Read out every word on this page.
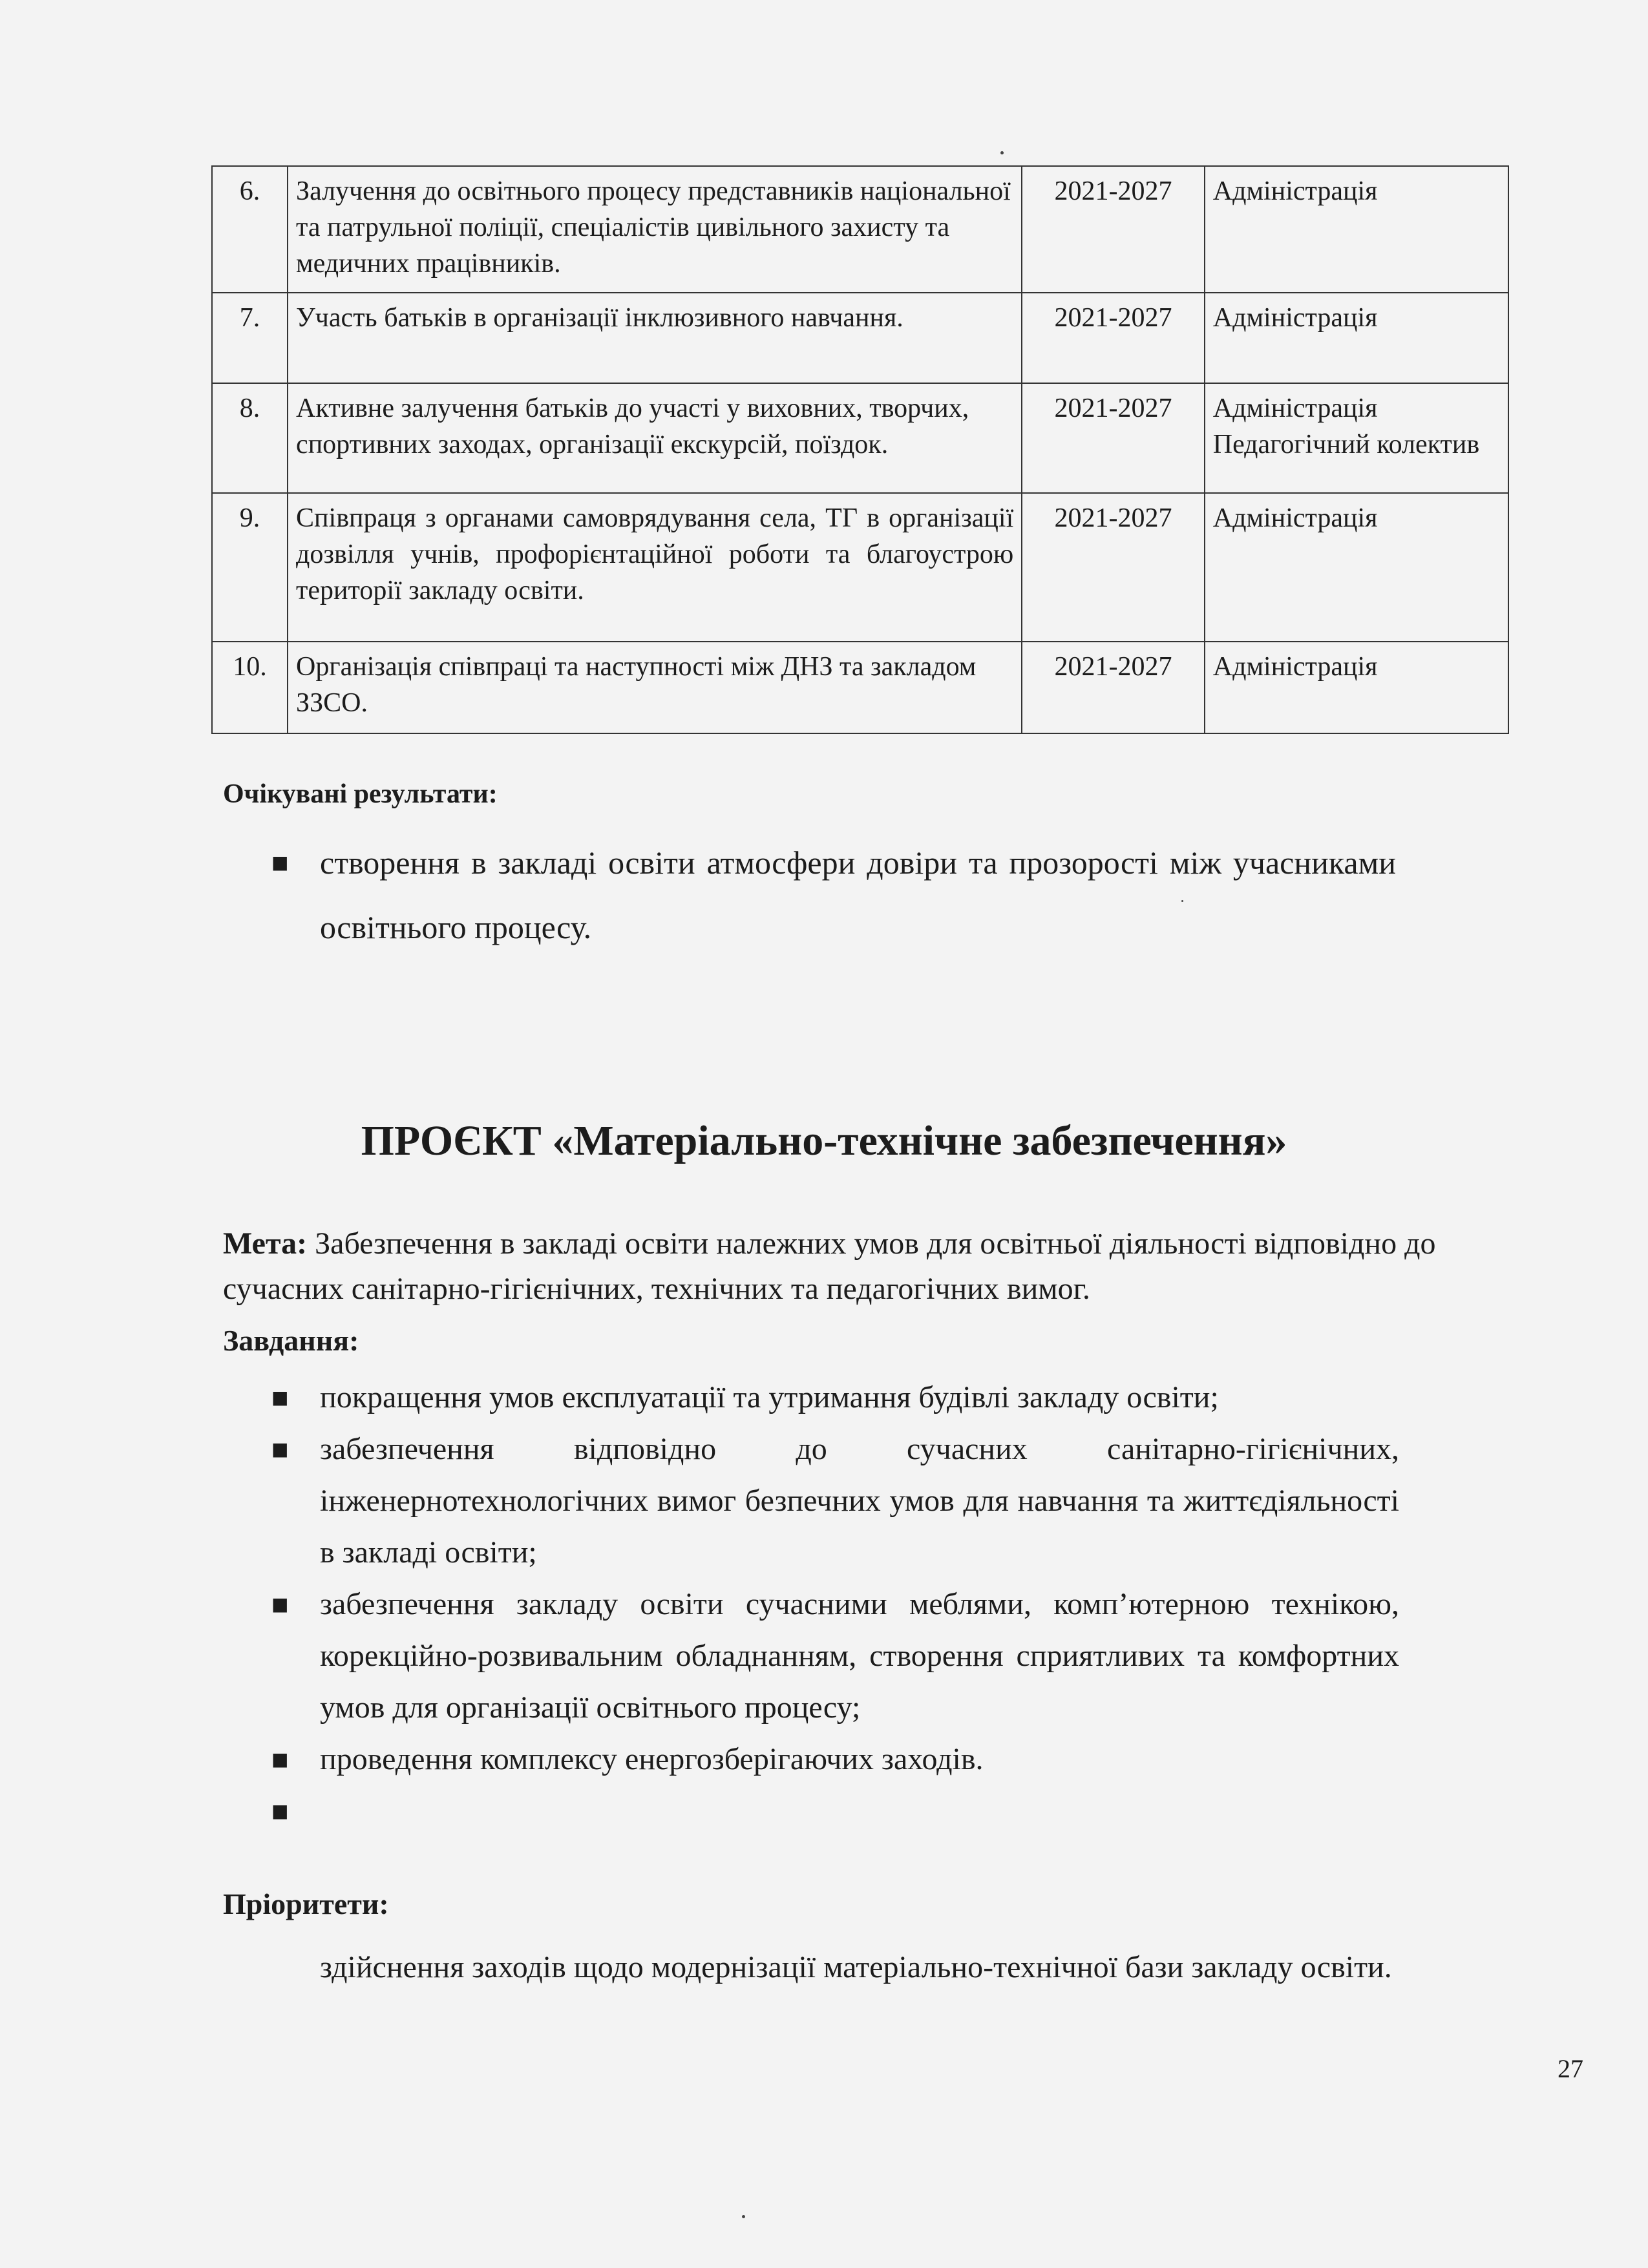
6.	Залучення до освітнього процесу представників національної та патрульної поліції, спеціалістів цивільного захисту та медичних працівників.	2021-2027	Адміністрація
7.	Участь батьків в організації інклюзивного навчання.	2021-2027	Адміністрація
8.	Активне залучення батьків до участі у виховних, творчих, спортивних заходах, організації екскурсій, поїздок.	2021-2027	Адміністрація Педагогічний колектив
9.	Співпраця з органами самоврядування села, ТГ в організації дозвілля учнів, профорієнтаційної роботи та благоустрою території закладу освіти.	2021-2027	Адміністрація
10.	Організація співпраці та наступності між ДНЗ та закладом ЗЗСО.	2021-2027	Адміністрація
Очікувані результати:
■ створення в закладі освіти атмосфери довіри та прозорості між учасниками освітнього процесу.
ПРОЄКТ «Матеріально-технічне забезпечення»
Мета: Забезпечення в закладі освіти належних умов для освітньої діяльності відповідно до сучасних санітарно-гігієнічних, технічних та педагогічних вимог.
Завдання:
■	покращення умов експлуатації та утримання будівлі закладу освіти;
■	забезпечення відповідно до сучасних санітарно-гігієнічних, інженернотехнологічних вимог безпечних умов для навчання та життєдіяльності в закладі освіти;
■	забезпечення закладу освіти сучасними меблями, комп’ютерною технікою, корекційно-розвивальним обладнанням, створення сприятливих та комфортних умов для організації освітнього процесу;
■	проведення комплексу енергозберігаючих заходів.
■
Пріоритети:
здійснення заходів щодо модернізації матеріально-технічної бази закладу освіти.
27
